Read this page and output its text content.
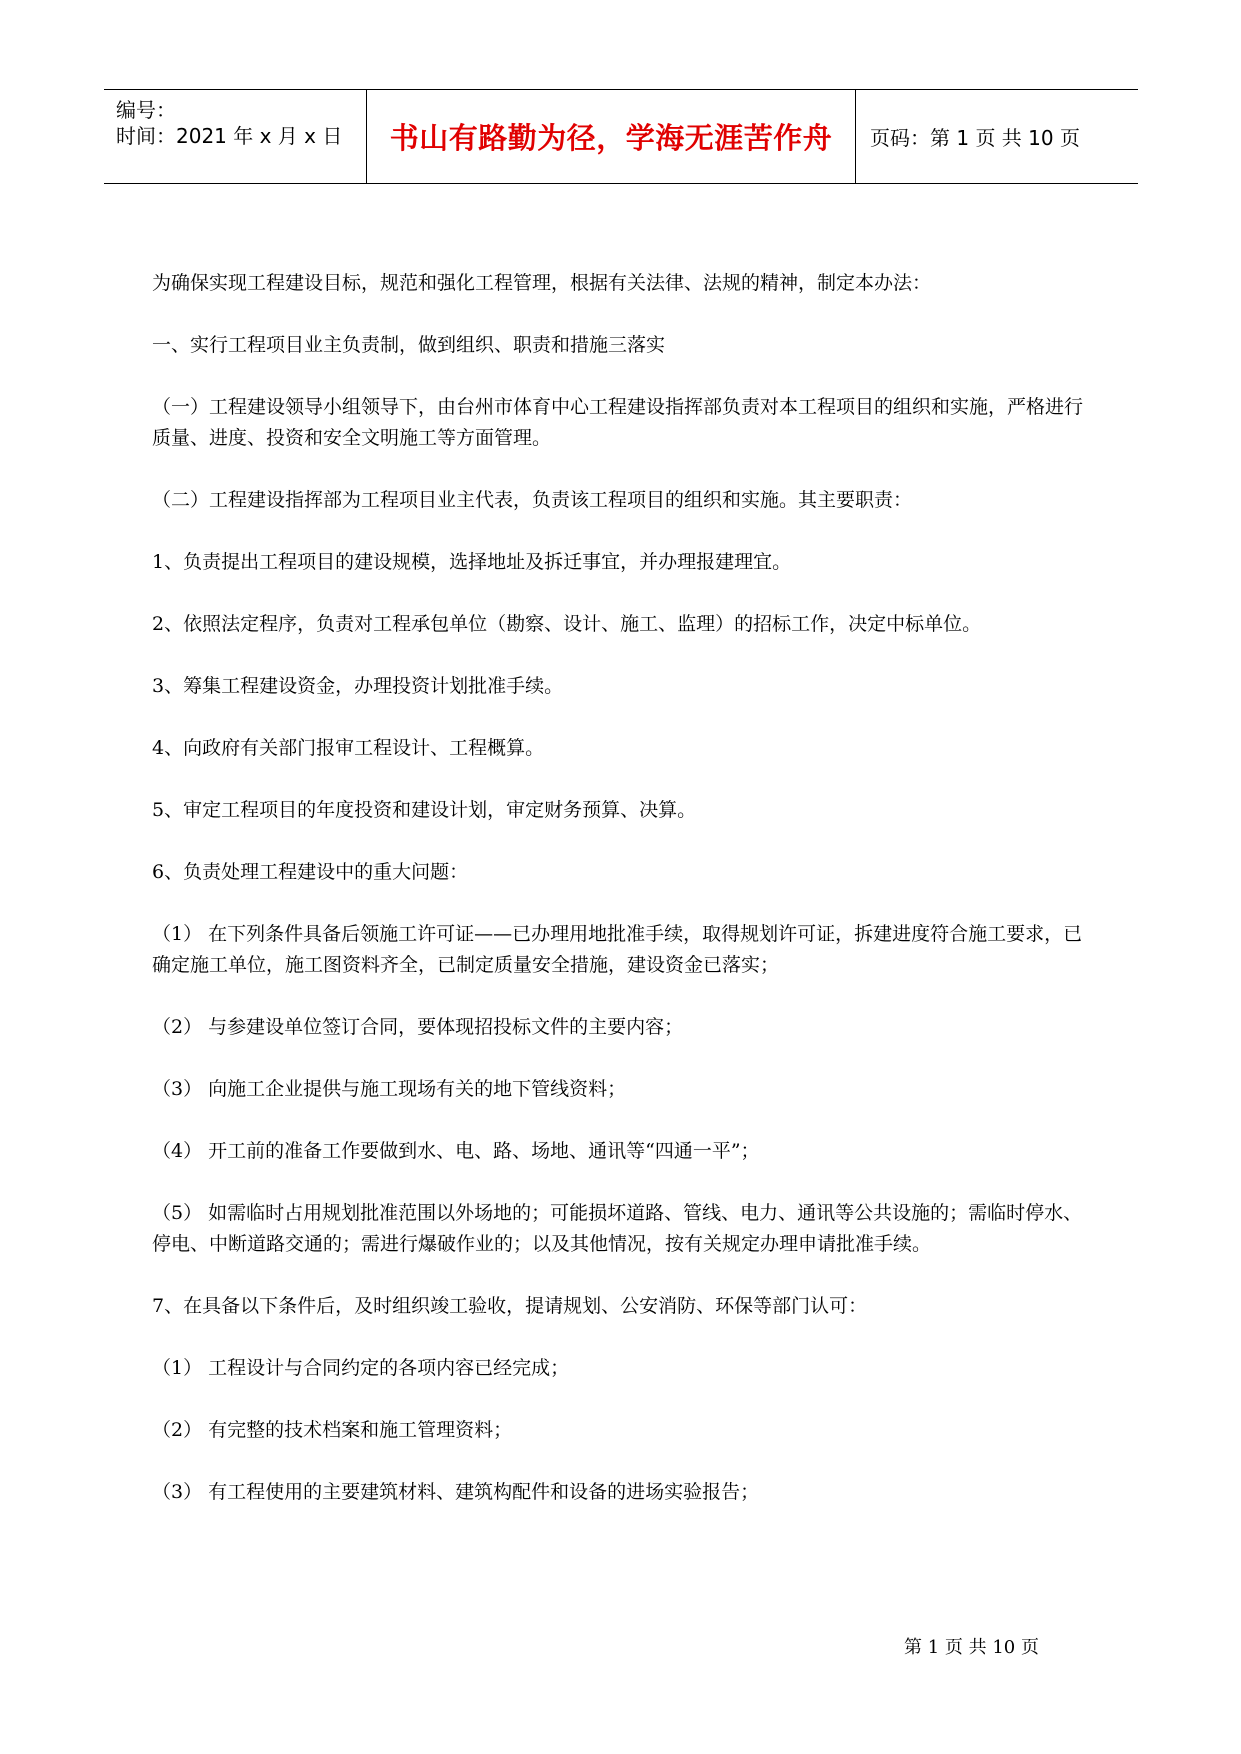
编号：
时间：2021 年 x 月 x 日 书山有路勤为径，学海无涯苦作舟 页码：第 1 页 共 10 页

为确保实现工程建设目标，规范和强化工程管理，根据有关法律、法规的精神，制定本办法：

一、实行工程项目业主负责制，做到组织、职责和措施三落实

（一）工程建设领导小组领导下，由台州市体育中心工程建设指挥部负责对本工程项目的组织和实施，严格进行质量、进度、投资和安全文明施工等方面管理。

（二）工程建设指挥部为工程项目业主代表，负责该工程项目的组织和实施。其主要职责：

1、负责提出工程项目的建设规模，选择地址及拆迁事宜，并办理报建理宜。

2、依照法定程序，负责对工程承包单位（勘察、设计、施工、监理）的招标工作，决定中标单位。

3、筹集工程建设资金，办理投资计划批准手续。

4、向政府有关部门报审工程设计、工程概算。

5、审定工程项目的年度投资和建设计划，审定财务预算、决算。

6、负责处理工程建设中的重大问题：

（1） 在下列条件具备后领施工许可证——已办理用地批准手续，取得规划许可证，拆建进度符合施工要求，已确定施工单位，施工图资料齐全，已制定质量安全措施，建设资金已落实；

（2） 与参建设单位签订合同，要体现招投标文件的主要内容；

（3） 向施工企业提供与施工现场有关的地下管线资料；

（4） 开工前的准备工作要做到水、电、路、场地、通讯等“四通一平”；

（5） 如需临时占用规划批准范围以外场地的；可能损坏道路、管线、电力、通讯等公共设施的；需临时停水、停电、中断道路交通的；需进行爆破作业的；以及其他情况，按有关规定办理申请批准手续。

7、在具备以下条件后，及时组织竣工验收，提请规划、公安消防、环保等部门认可：

（1） 工程设计与合同约定的各项内容已经完成；

（2） 有完整的技术档案和施工管理资料；

（3） 有工程使用的主要建筑材料、建筑构配件和设备的进场实验报告；

第 1 页 共 10 页
